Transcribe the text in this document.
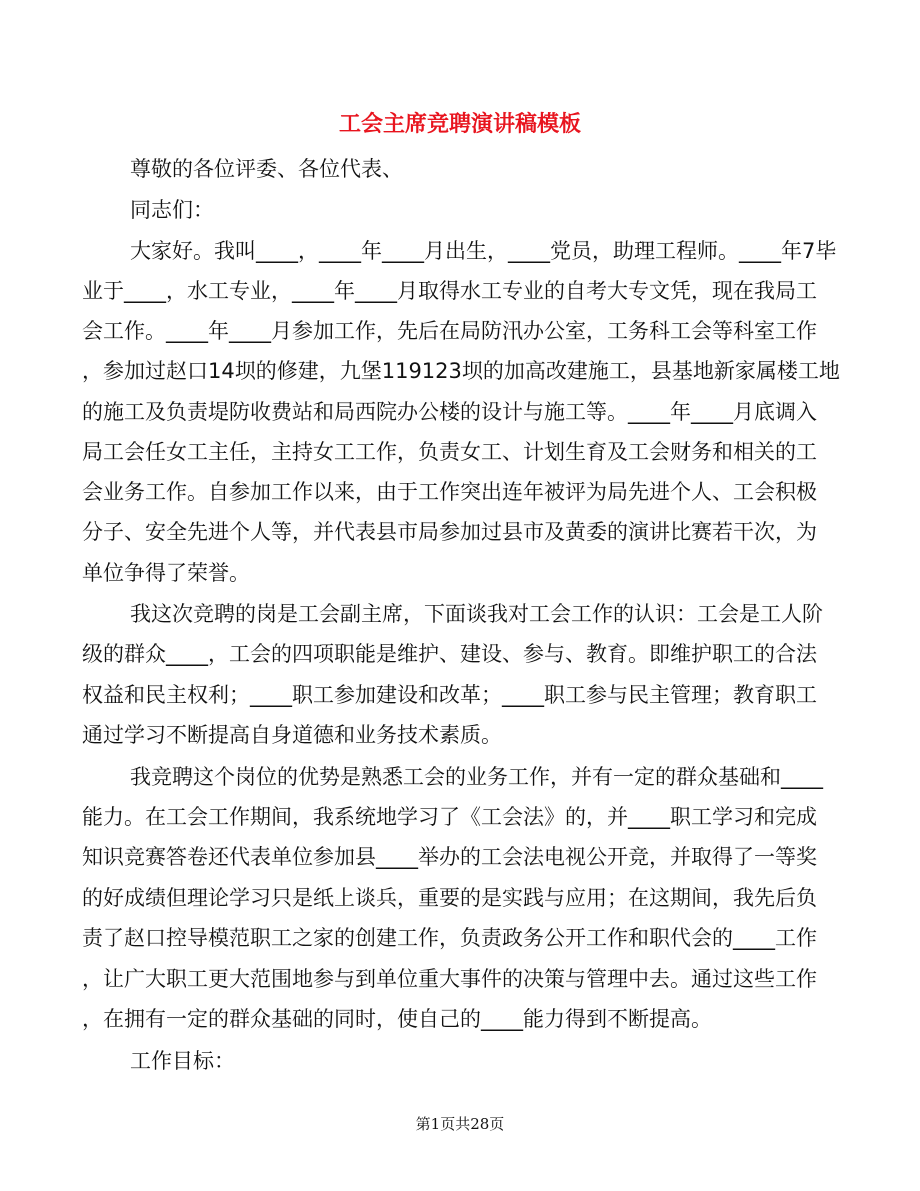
工会主席竞聘演讲稿模板
尊敬的各位评委、各位代表、
同志们：
大家好。我叫____，____年____月出生，____党员，助理工程师。____年7毕
业于____，水工专业，____年____月取得水工专业的自考大专文凭，现在我局工
会工作。____年____月参加工作，先后在局防汛办公室，工务科工会等科室工作
，参加过赵口14坝的修建，九堡119123坝的加高改建施工，县基地新家属楼工地
的施工及负责堤防收费站和局西院办公楼的设计与施工等。____年____月底调入
局工会任女工主任，主持女工工作，负责女工、计划生育及工会财务和相关的工
会业务工作。自参加工作以来，由于工作突出连年被评为局先进个人、工会积极
分子、安全先进个人等，并代表县市局参加过县市及黄委的演讲比赛若干次，为
单位争得了荣誉。
我这次竞聘的岗是工会副主席，下面谈我对工会工作的认识：工会是工人阶
级的群众____，工会的四项职能是维护、建设、参与、教育。即维护职工的合法
权益和民主权利；____职工参加建设和改革；____职工参与民主管理；教育职工
通过学习不断提高自身道德和业务技术素质。
我竞聘这个岗位的优势是熟悉工会的业务工作，并有一定的群众基础和____
能力。在工会工作期间，我系统地学习了《工会法》的，并____职工学习和完成
知识竞赛答卷还代表单位参加县____举办的工会法电视公开竞，并取得了一等奖
的好成绩但理论学习只是纸上谈兵，重要的是实践与应用；在这期间，我先后负
责了赵口控导模范职工之家的创建工作，负责政务公开工作和职代会的____工作
，让广大职工更大范围地参与到单位重大事件的决策与管理中去。通过这些工作
，在拥有一定的群众基础的同时，使自己的____能力得到不断提高。
工作目标：
第1页共28页
